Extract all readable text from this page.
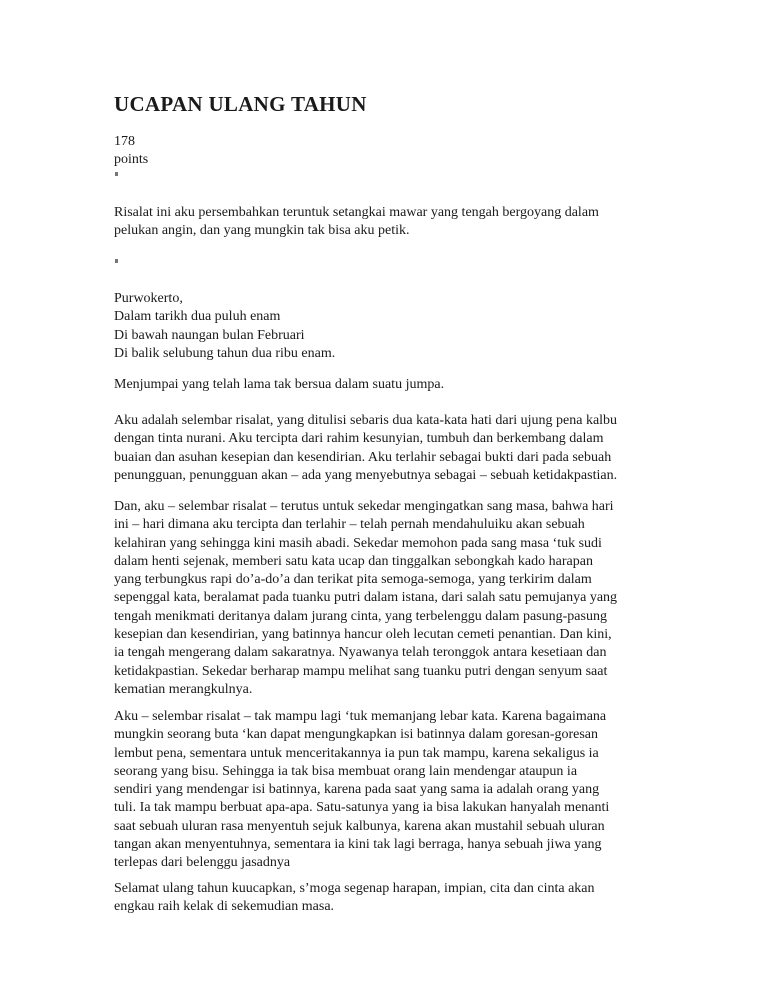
UCAPAN ULANG TAHUN
178
points

Risalat ini aku persembahkan teruntuk setangkai mawar yang tengah bergoyang dalam
pelukan angin, dan yang mungkin tak bisa aku petik.

Purwokerto,
Dalam tarikh dua puluh enam
Di bawah naungan bulan Februari
Di balik selubung tahun dua ribu enam.

Menjumpai yang telah lama tak bersua dalam suatu jumpa.

Aku adalah selembar risalat, yang ditulisi sebaris dua kata-kata hati dari ujung pena kalbu
dengan tinta nurani. Aku tercipta dari rahim kesunyian, tumbuh dan berkembang dalam
buaian dan asuhan kesepian dan kesendirian. Aku terlahir sebagai bukti dari pada sebuah
penungguan, penungguan akan – ada yang menyebutnya sebagai – sebuah ketidakpastian.

Dan, aku – selembar risalat – terutus untuk sekedar mengingatkan sang masa, bahwa hari
ini – hari dimana aku tercipta dan terlahir – telah pernah mendahuluiku akan sebuah
kelahiran yang sehingga kini masih abadi. Sekedar memohon pada sang masa ‘tuk sudi
dalam henti sejenak, memberi satu kata ucap dan tinggalkan sebongkah kado harapan
yang terbungkus rapi do’a-do’a dan terikat pita semoga-semoga, yang terkirim dalam
sepenggal kata, beralamat pada tuanku putri dalam istana, dari salah satu pemujanya yang
tengah menikmati deritanya dalam jurang cinta, yang terbelenggu dalam pasung-pasung
kesepian dan kesendirian, yang batinnya hancur oleh lecutan cemeti penantian. Dan kini,
ia tengah mengerang dalam sakaratnya. Nyawanya telah teronggok antara kesetiaan dan
ketidakpastian. Sekedar berharap mampu melihat sang tuanku putri dengan senyum saat
kematian merangkulnya.

Aku – selembar risalat – tak mampu lagi ‘tuk memanjang lebar kata. Karena bagaimana
mungkin seorang buta ‘kan dapat mengungkapkan isi batinnya dalam goresan-goresan
lembut pena, sementara untuk menceritakannya ia pun tak mampu, karena sekaligus ia
seorang yang bisu. Sehingga ia tak bisa membuat orang lain mendengar ataupun ia
sendiri yang mendengar isi batinnya, karena pada saat yang sama ia adalah orang yang
tuli. Ia tak mampu berbuat apa-apa. Satu-satunya yang ia bisa lakukan hanyalah menanti
saat sebuah uluran rasa menyentuh sejuk kalbunya, karena akan mustahil sebuah uluran
tangan akan menyentuhnya, sementara ia kini tak lagi berraga, hanya sebuah jiwa yang
terlepas dari belenggu jasadnya

Selamat ulang tahun kuucapkan, s’moga segenap harapan, impian, cita dan cinta akan
engkau raih kelak di sekemudian masa.
